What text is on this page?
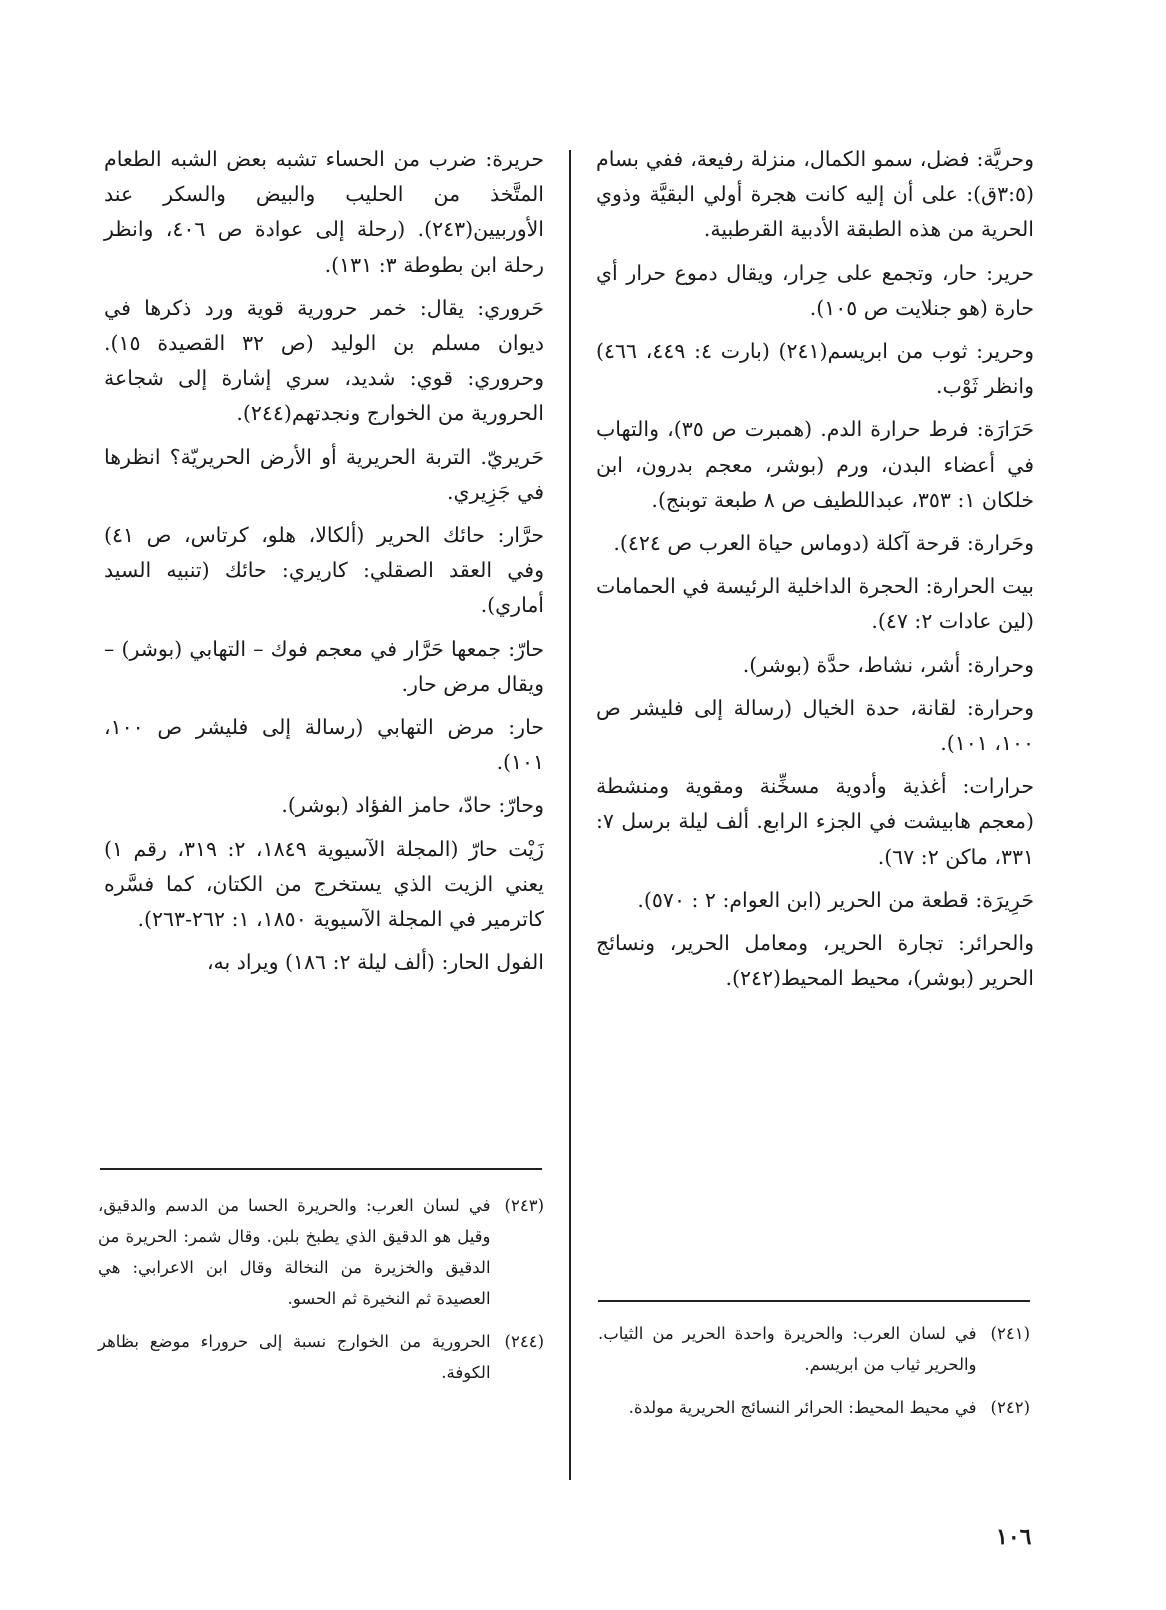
وحريَّة: فضل، سمو الكمال، منزلة رفيعة، ففي بسام (٣:٥ق): على أن إليه كانت هجرة أولي البقيَّة وذوي الحرية من هذه الطبقة الأدبية القرطبية.

حرير: حار، وتجمع على حِرار، ويقال دموع حرار أي حارة (هو جنلايت ص ١٠٥).

وحرير: ثوب من ابريسم(٢٤١) (بارت ٤: ٤٤٩، ٤٦٦) وانظر ثَوْب.

حَرَارَة: فرط حرارة الدم. (همبرت ص ٣٥)، والتهاب في أعضاء البدن، ورم (بوشر، معجم بدرون، ابن خلكان ١: ٣٥٣، عبداللطيف ص ٨ طبعة توبنج).

وحَرارة: قرحة آكلة (دوماس حياة العرب ص ٤٢٤).

بيت الحرارة: الحجرة الداخلية الرئيسة في الحمامات (لين عادات ٢: ٤٧).

وحرارة: أشر، نشاط، حدَّة (بوشر).

وحرارة: لقانة، حدة الخيال (رسالة إلى فليشر ص ١٠٠، ١٠١).

حرارات: أغذية وأدوية مسخِّنة ومقوية ومنشطة (معجم هابيشت في الجزء الرابع. ألف ليلة برسل ٧: ٣٣١، ماكن ٢: ٦٧).

حَرِيرَة: قطعة من الحرير (ابن العوام: ٢ : ٥٧٠).

والحرائر: تجارة الحرير، ومعامل الحرير، ونسائج الحرير (بوشر)، محيط المحيط(٢٤٢).

حريرة: ضرب من الحساء تشبه بعض الشبه الطعام المتَّخذ من الحليب والبيض والسكر عند الأوربيين(٢٤٣). (رحلة إلى عوادة ص ٤٠٦، وانظر رحلة ابن بطوطة ٣: ١٣١).

حَروري: يقال: خمر حرورية قوية ورد ذكرها في ديوان مسلم بن الوليد (ص ٣٢ القصيدة ١٥). وحروري: قوي: شديد، سري إشارة إلى شجاعة الحرورية من الخوارج ونجدتهم(٢٤٤).

حَريريّ. التربة الحريرية أو الأرض الحريريّة؟ انظرها في جَزِيري.

حرَّار: حائك الحرير (ألكالا، هلو، كرتاس، ص ٤١) وفي العقد الصقلي: كاريري: حائك (تنبيه السيد أماري).

حارّ: جمعها حَرَّار في معجم فوك – التهابي (بوشر) – ويقال مرض حار.

حار: مرض التهابي (رسالة إلى فليشر ص ١٠٠، ١٠١).

وحارّ: حادّ، حامز الفؤاد (بوشر).

زَيْت حارّ (المجلة الآسيوية ١٨٤٩، ٢: ٣١٩، رقم ١) يعني الزيت الذي يستخرج من الكتان، كما فسَّره كاترمير في المجلة الآسيوية ١٨٥٠، ١: ٢٦٢-٢٦٣).

الفول الحار: (ألف ليلة ٢: ١٨٦) ويراد به،

(٢٤١)
في لسان العرب: والحريرة واحدة الحرير من الثياب. والحرير ثياب من ابريسم.
(٢٤٢)
في محيط المحيط: الحرائر النسائج الحريرية مولدة.
(٢٤٣)
في لسان العرب: والحريرة الحسا من الدسم والدقيق، وقيل هو الدقيق الذي يطبخ بلبن. وقال شمر: الحريرة من الدقيق والخزيرة من النخالة وقال ابن الاعرابي: هي العصيدة ثم النخيرة ثم الحسو.
(٢٤٤)
الحرورية من الخوارج نسبة إلى حروراء موضع بظاهر الكوفة.
١٠٦
